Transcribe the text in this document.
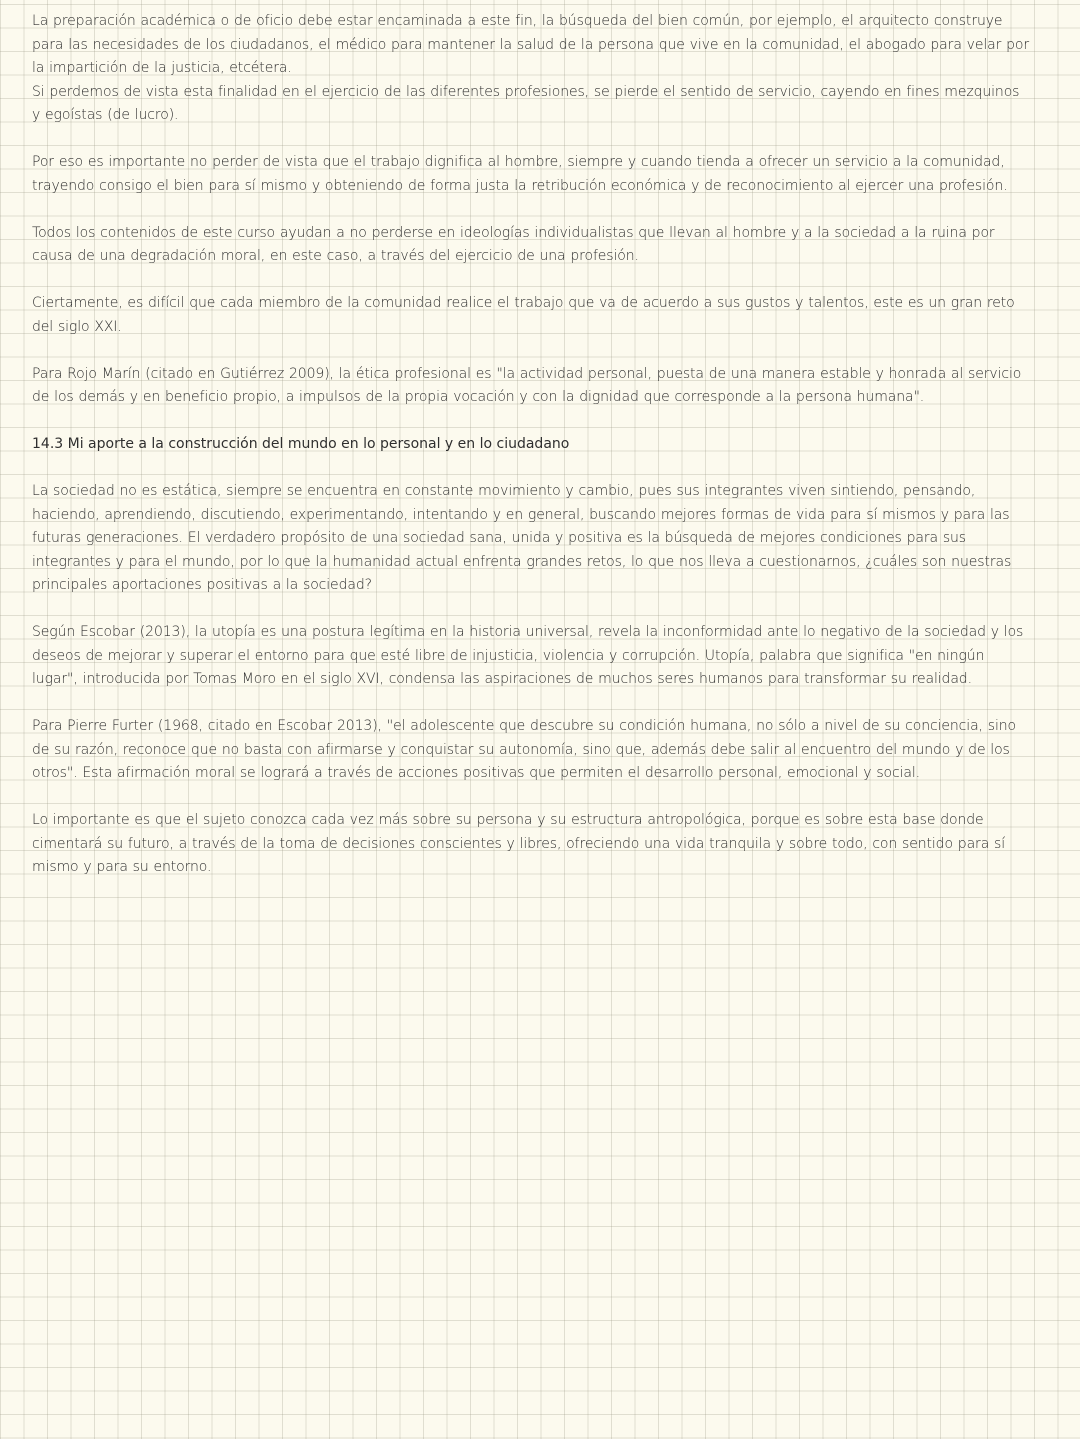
La preparación académica o de oficio debe estar encaminada a este fin, la búsqueda del bien común, por ejemplo, el arquitecto construye para las necesidades de los ciudadanos, el médico para mantener la salud de la persona que vive en la comunidad, el abogado para velar por la impartición de la justicia, etcétera.

Si perdemos de vista esta finalidad en el ejercicio de las diferentes profesiones, se pierde el sentido de servicio, cayendo en fines mezquinos y egoístas (de lucro).

Por eso es importante no perder de vista que el trabajo dignifica al hombre, siempre y cuando tienda a ofrecer un servicio a la comunidad, trayendo consigo el bien para sí mismo y obteniendo de forma justa la retribución económica y de reconocimiento al ejercer una profesión.

Todos los contenidos de este curso ayudan a no perderse en ideologías individualistas que llevan al hombre y a la sociedad a la ruina por causa de una degradación moral, en este caso, a través del ejercicio de una profesión.

Ciertamente, es difícil que cada miembro de la comunidad realice el trabajo que va de acuerdo a sus gustos y talentos, este es un gran reto del siglo XXI.

Para Rojo Marín (citado en Gutiérrez 2009), la ética profesional es "la actividad personal, puesta de una manera estable y honrada al servicio de los demás y en beneficio propio, a impulsos de la propia vocación y con la dignidad que corresponde a la persona humana".

14.3 Mi aporte a la construcción del mundo en lo personal y en lo ciudadano

La sociedad no es estática, siempre se encuentra en constante movimiento y cambio, pues sus integrantes viven sintiendo, pensando, haciendo, aprendiendo, discutiendo, experimentando, intentando y en general, buscando mejores formas de vida para sí mismos y para las futuras generaciones. El verdadero propósito de una sociedad sana, unida y positiva es la búsqueda de mejores condiciones para sus integrantes y para el mundo, por lo que la humanidad actual enfrenta grandes retos, lo que nos lleva a cuestionarnos, ¿cuáles son nuestras principales aportaciones positivas a la sociedad?

Según Escobar (2013), la utopía es una postura legítima en la historia universal, revela la inconformidad ante lo negativo de la sociedad y los deseos de mejorar y superar el entorno para que esté libre de injusticia, violencia y corrupción. Utopía, palabra que significa "en ningún lugar", introducida por Tomas Moro en el siglo XVI, condensa las aspiraciones de muchos seres humanos para transformar su realidad.

Para Pierre Furter (1968, citado en Escobar 2013), "el adolescente que descubre su condición humana, no sólo a nivel de su conciencia, sino de su razón, reconoce que no basta con afirmarse y conquistar su autonomía, sino que, además debe salir al encuentro del mundo y de los otros". Esta afirmación moral se logrará a través de acciones positivas que permiten el desarrollo personal, emocional y social.

Lo importante es que el sujeto conozca cada vez más sobre su persona y su estructura antropológica, porque es sobre esta base donde cimentará su futuro, a través de la toma de decisiones conscientes y libres, ofreciendo una vida tranquila y sobre todo, con sentido para sí mismo y para su entorno.
